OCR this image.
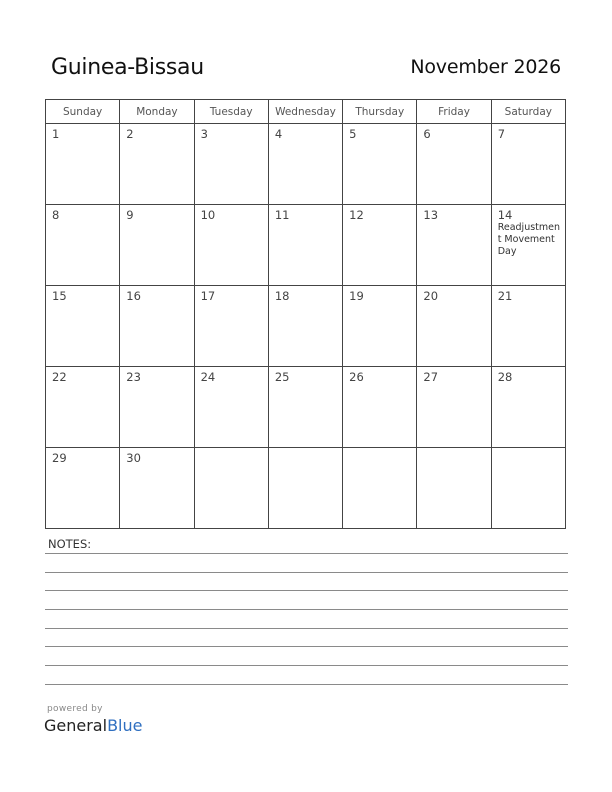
Guinea-Bissau	November 2026
Sunday	Monday	Tuesday	Wednesday	Thursday	Friday	Saturday

1	2	3	4	5	6	7

8	9	10	11	12	13	14
Readjustment Movement Day

15	16	17	18	19	20	21

22	23	24	25	26	27	28

29	30					

NOTES:
powered by
GeneralBlue
